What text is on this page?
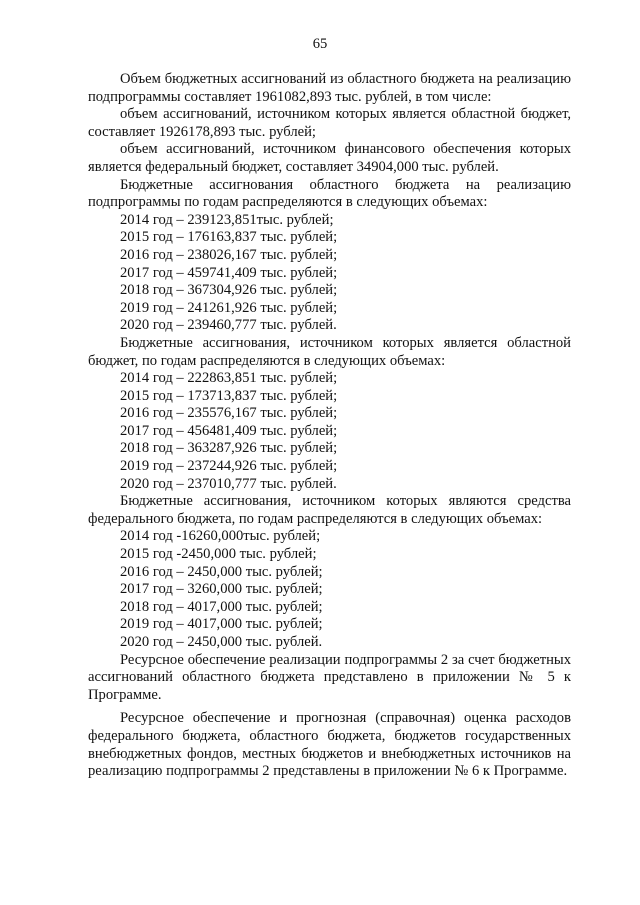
65

Объем бюджетных ассигнований из областного бюджета на реализацию подпрограммы составляет 1961082,893 тыс. рублей, в том числе:

объем ассигнований, источником которых является областной бюджет, составляет 1926178,893 тыс. рублей;

объем ассигнований, источником финансового обеспечения которых является федеральный бюджет, составляет 34904,000 тыс. рублей.

Бюджетные ассигнования областного бюджета на реализацию подпрограммы по годам распределяются в следующих объемах:

2014 год – 239123,851тыс. рублей;
2015 год – 176163,837 тыс. рублей;
2016 год – 238026,167 тыс. рублей;
2017 год – 459741,409 тыс. рублей;
2018 год – 367304,926 тыс. рублей;
2019 год – 241261,926 тыс. рублей;
2020 год – 239460,777 тыс. рублей.

Бюджетные ассигнования, источником которых является областной бюджет, по годам распределяются в следующих объемах:

2014 год – 222863,851 тыс. рублей;
2015 год – 173713,837 тыс. рублей;
2016 год – 235576,167 тыс. рублей;
2017 год – 456481,409 тыс. рублей;
2018 год – 363287,926 тыс. рублей;
2019 год – 237244,926 тыс. рублей;
2020 год – 237010,777 тыс. рублей.

Бюджетные ассигнования, источником которых являются средства федерального бюджета, по годам распределяются в следующих объемах:

2014 год -16260,000тыс. рублей;
2015 год -2450,000 тыс. рублей;
2016 год – 2450,000 тыс. рублей;
2017 год – 3260,000 тыс. рублей;
2018 год – 4017,000 тыс. рублей;
2019 год – 4017,000 тыс. рублей;
2020 год – 2450,000 тыс. рублей.

Ресурсное обеспечение реализации подпрограммы 2 за счет бюджетных ассигнований областного бюджета представлено в приложении № 5 к Программе.

Ресурсное обеспечение и прогнозная (справочная) оценка расходов федерального бюджета, областного бюджета, бюджетов государственных внебюджетных фондов, местных бюджетов и внебюджетных источников на реализацию подпрограммы 2 представлены в приложении № 6 к Программе.
